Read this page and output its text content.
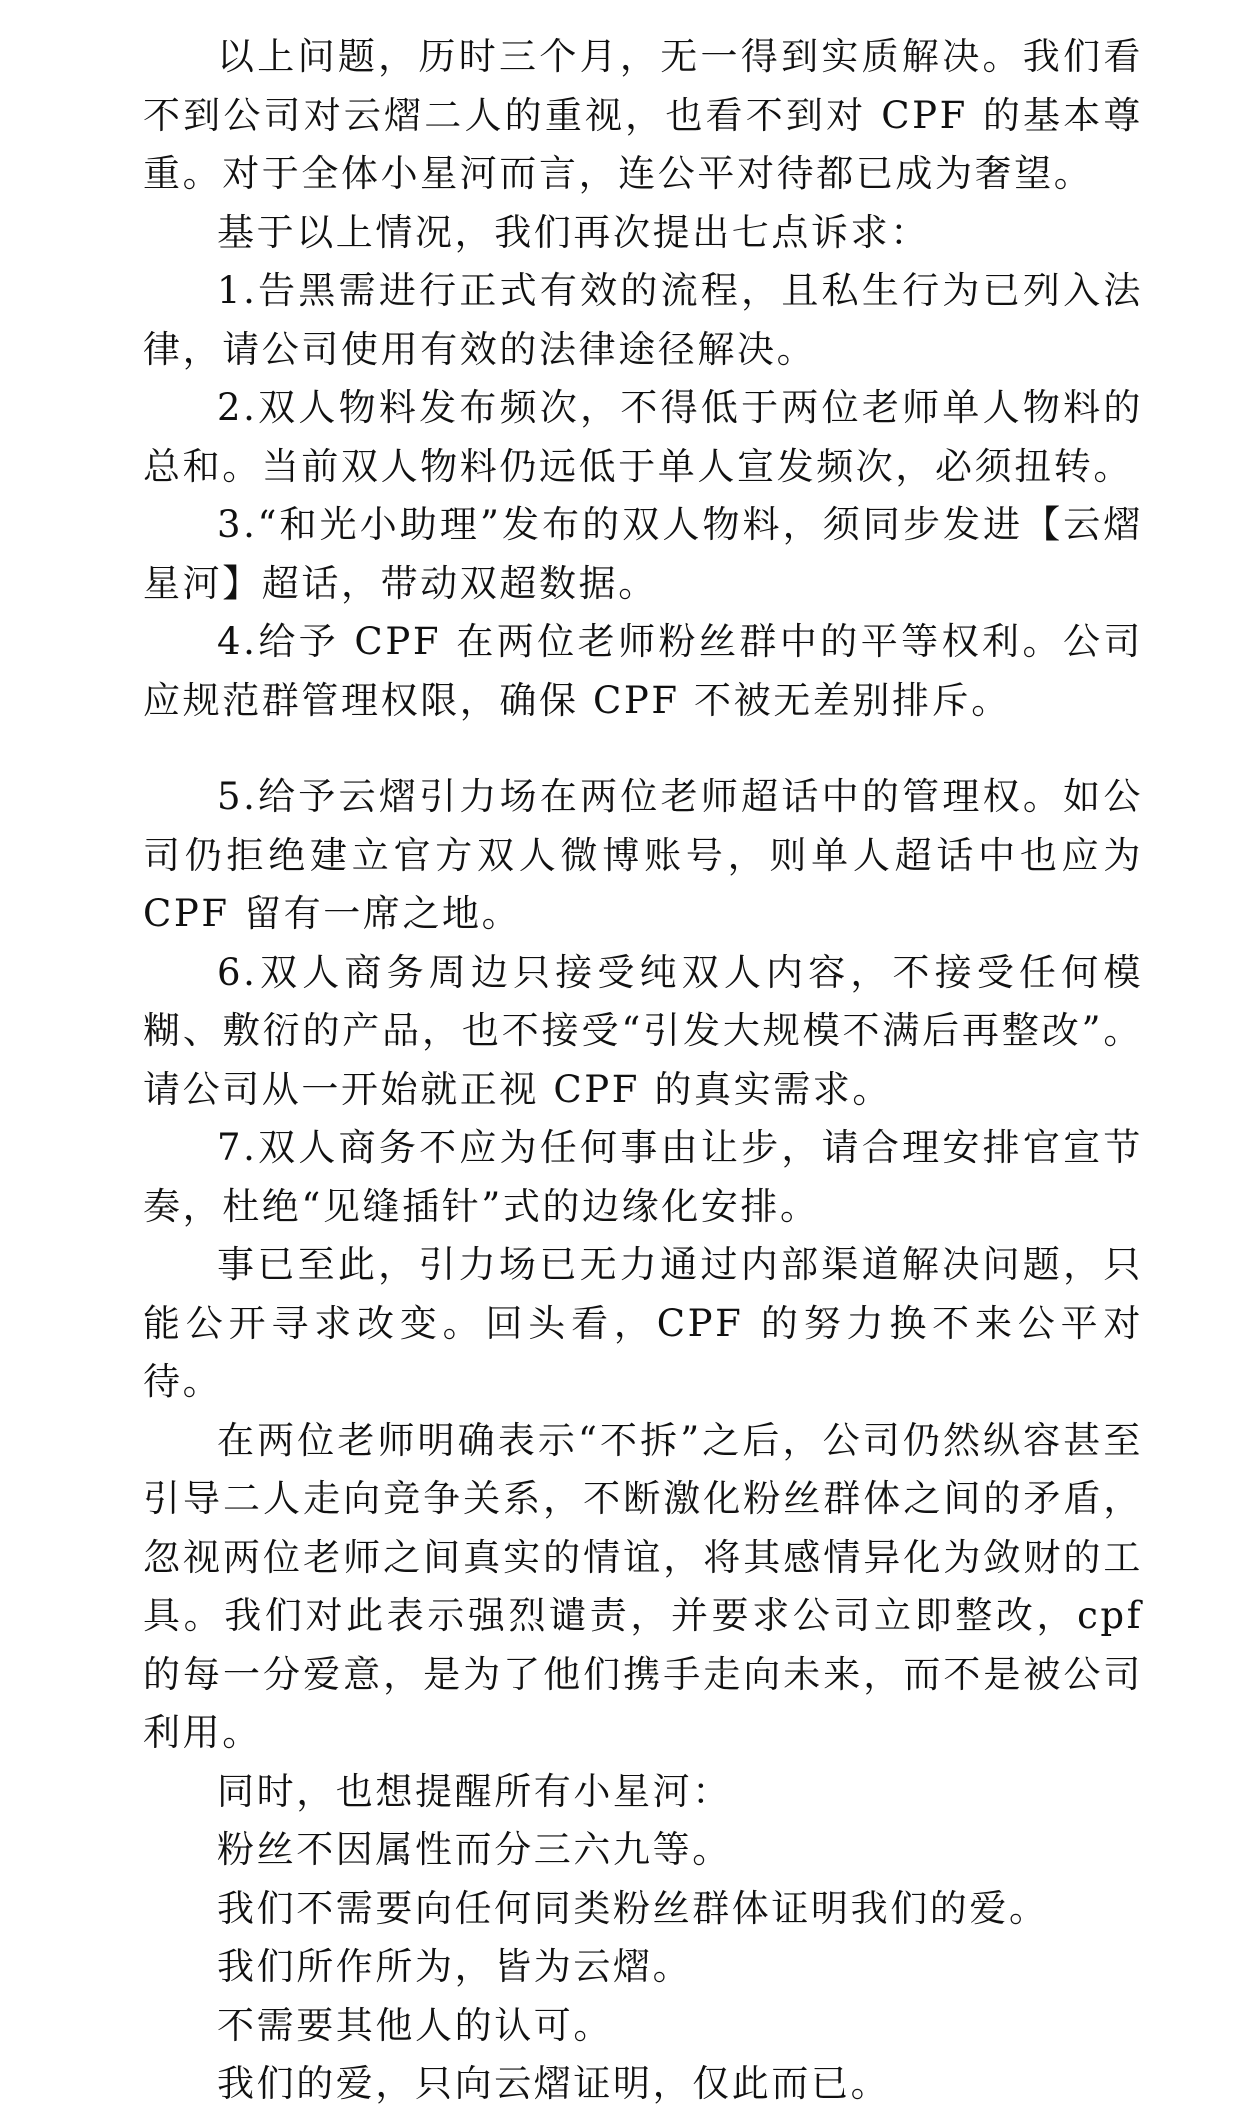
以上问题，历时三个月，无一得到实质解决。我们看不到公司对云熠二人的重视，也看不到对 CPF 的基本尊重。对于全体小星河而言，连公平对待都已成为奢望。

基于以上情况，我们再次提出七点诉求：

1.告黑需进行正式有效的流程，且私生行为已列入法律，请公司使用有效的法律途径解决。

2.双人物料发布频次，不得低于两位老师单人物料的总和。当前双人物料仍远低于单人宣发频次，必须扭转。

3.“和光小助理”发布的双人物料，须同步发进【云熠星河】超话，带动双超数据。

4.给予 CPF 在两位老师粉丝群中的平等权利。公司应规范群管理权限，确保 CPF 不被无差别排斥。

5.给予云熠引力场在两位老师超话中的管理权。如公司仍拒绝建立官方双人微博账号，则单人超话中也应为 CPF 留有一席之地。

6.双人商务周边只接受纯双人内容，不接受任何模糊、敷衍的产品，也不接受“引发大规模不满后再整改”。请公司从一开始就正视 CPF 的真实需求。

7.双人商务不应为任何事由让步，请合理安排官宣节奏，杜绝“见缝插针”式的边缘化安排。

事已至此，引力场已无力通过内部渠道解决问题，只能公开寻求改变。回头看，CPF 的努力换不来公平对待。

在两位老师明确表示“不拆”之后，公司仍然纵容甚至引导二人走向竞争关系，不断激化粉丝群体之间的矛盾，忽视两位老师之间真实的情谊，将其感情异化为敛财的工具。我们对此表示强烈谴责，并要求公司立即整改，cpf 的每一分爱意，是为了他们携手走向未来，而不是被公司利用。

同时，也想提醒所有小星河：

粉丝不因属性而分三六九等。

我们不需要向任何同类粉丝群体证明我们的爱。

我们所作所为，皆为云熠。

不需要其他人的认可。

我们的爱，只向云熠证明，仅此而已。
